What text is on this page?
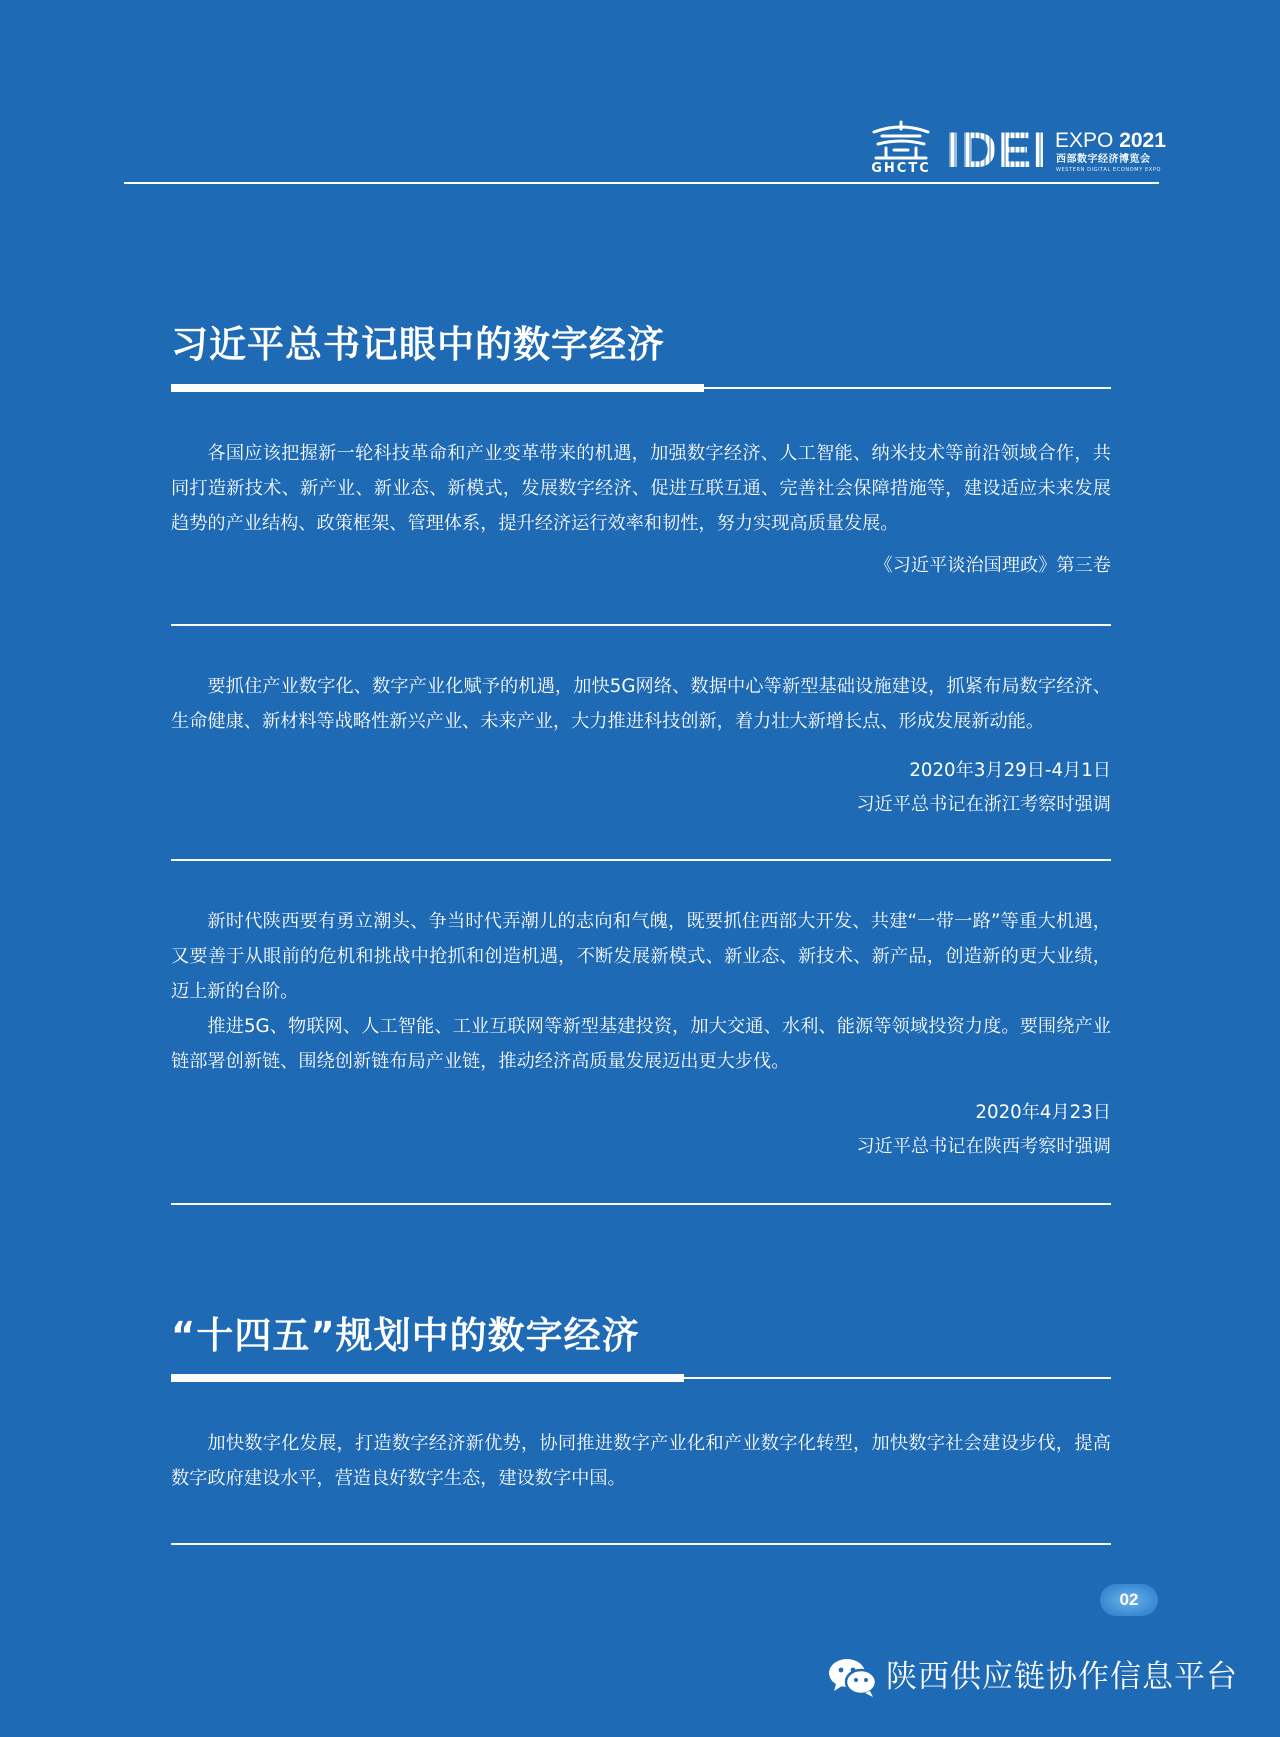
GHCTC IDEI EXPO 2021
西部数字经济博览会
WESTERN DIGITAL ECONOMY EXPO
习近平总书记眼中的数字经济

各国应该把握新一轮科技革命和产业变革带来的机遇，加强数字经济、人工智能、纳米技术等前沿领域合作，共同打造新技术、新产业、新业态、新模式，发展数字经济、促进互联互通、完善社会保障措施等，建设适应未来发展趋势的产业结构、政策框架、管理体系，提升经济运行效率和韧性，努力实现高质量发展。

《习近平谈治国理政》第三卷

要抓住产业数字化、数字产业化赋予的机遇，加快5G网络、数据中心等新型基础设施建设，抓紧布局数字经济、生命健康、新材料等战略性新兴产业、未来产业，大力推进科技创新，着力壮大新增长点、形成发展新动能。

2020年3月29日-4月1日
习近平总书记在浙江考察时强调

新时代陕西要有勇立潮头、争当时代弄潮儿的志向和气魄，既要抓住西部大开发、共建“一带一路”等重大机遇，又要善于从眼前的危机和挑战中抢抓和创造机遇，不断发展新模式、新业态、新技术、新产品，创造新的更大业绩，迈上新的台阶。

推进5G、物联网、人工智能、工业互联网等新型基建投资，加大交通、水利、能源等领域投资力度。要围绕产业链部署创新链、围绕创新链布局产业链，推动经济高质量发展迈出更大步伐。

2020年4月23日
习近平总书记在陕西考察时强调
“十四五”规划中的数字经济

加快数字化发展，打造数字经济新优势，协同推进数字产业化和产业数字化转型，加快数字社会建设步伐，提高数字政府建设水平，营造良好数字生态，建设数字中国。

02
陕西供应链协作信息平台
